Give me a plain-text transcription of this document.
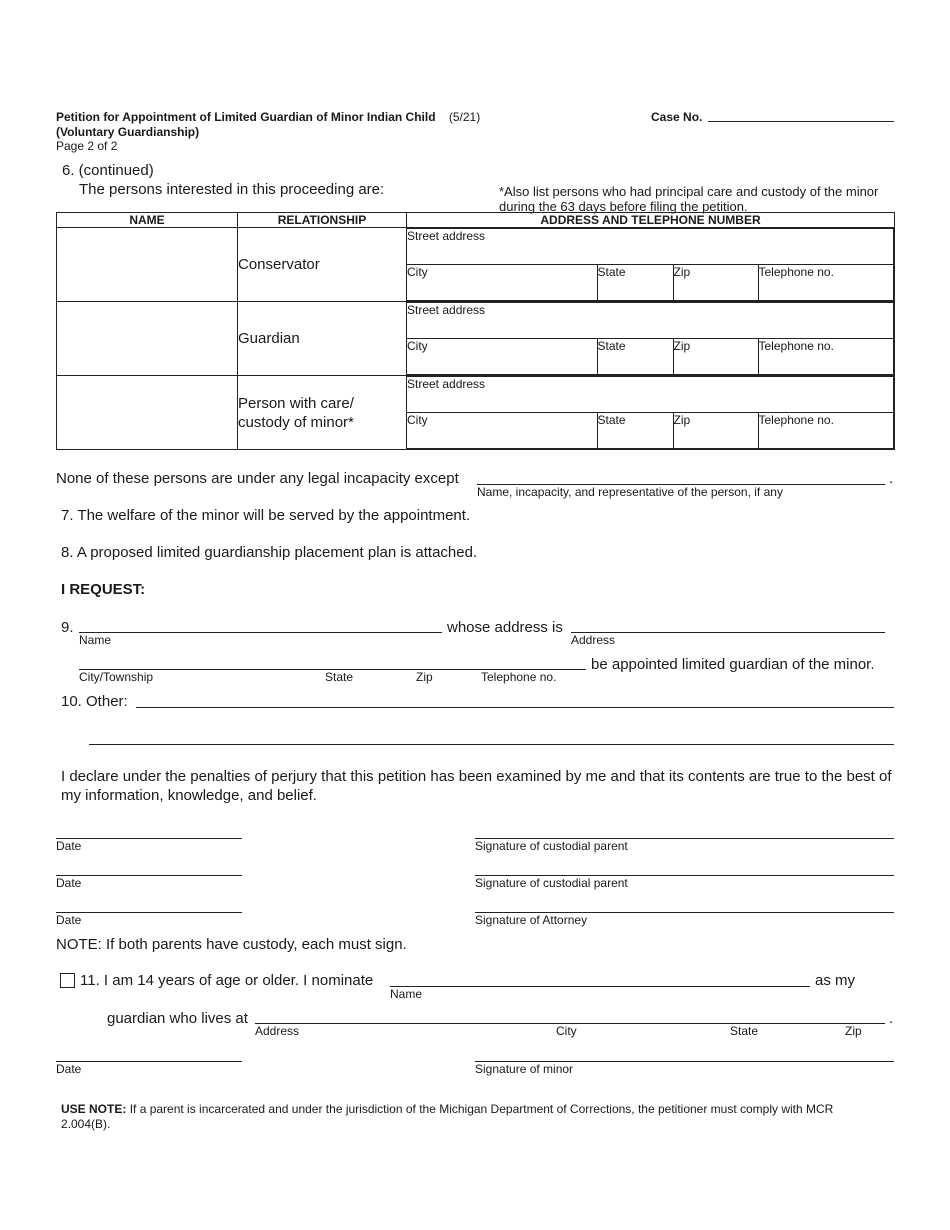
Petition for Appointment of Limited Guardian of Minor Indian Child (5/21)
(Voluntary Guardianship)
Page 2 of 2
Case No.
6. (continued)
The persons interested in this proceeding are:	*Also list persons who had principal care and custody of the minor during the 63 days before filing the petition.
NAME	RELATIONSHIP	ADDRESS AND TELEPHONE NUMBER
	Conservator	
Street address
City	State	Zip	Telephone no.

	Guardian	
Street address
City	State	Zip	Telephone no.

	Person with care/ custody of minor*	
Street address
City	State	Zip	Telephone no.
None of these persons are under any legal incapacity except	.
Name, incapacity, and representative of the person, if any
7. The welfare of the minor will be served by the appointment.
8. A proposed limited guardianship placement plan is attached.
I REQUEST:
9.
Name
whose address is
Address
City/Township	State	Zip	Telephone no.
be appointed limited guardian of the minor.
10. Other:
I declare under the penalties of perjury that this petition has been examined by me and that its contents are true to the best of my information, knowledge, and belief.
Date	Signature of custodial parent
Date	Signature of custodial parent
Date	Signature of Attorney
NOTE: If both parents have custody, each must sign.
11. I am 14 years of age or older. I nominate
Name
as my
guardian who lives at	.
Address	City	State	Zip
Date	Signature of minor
USE NOTE: If a parent is incarcerated and under the jurisdiction of the Michigan Department of Corrections, the petitioner must comply with MCR 2.004(B).
